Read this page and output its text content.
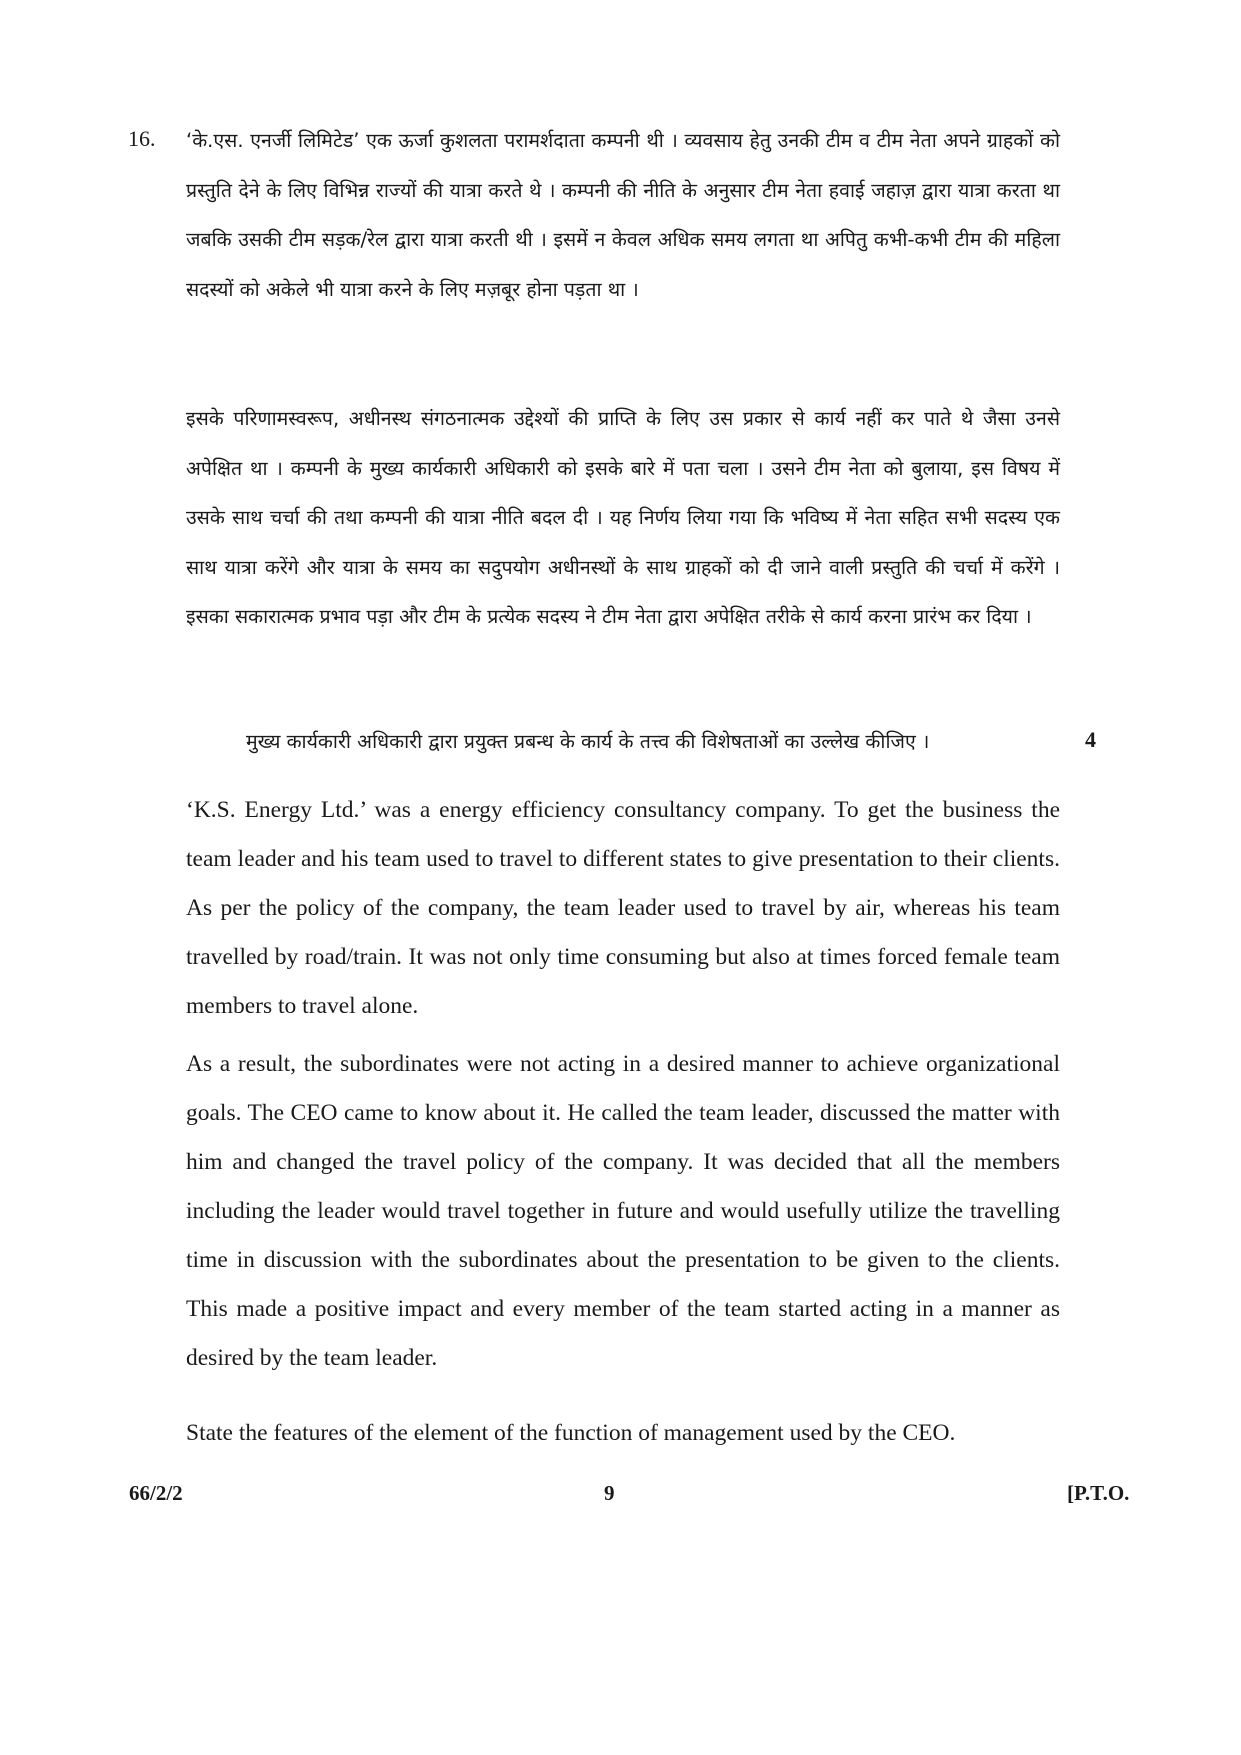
16. ‘के.एस. एनर्जी लिमिटेड’ एक ऊर्जा कुशलता परामर्शदाता कम्पनी थी । व्यवसाय हेतु उनकी टीम व टीम नेता अपने ग्राहकों को प्रस्तुति देने के लिए विभिन्न राज्यों की यात्रा करते थे । कम्पनी की नीति के अनुसार टीम नेता हवाई जहाज़ द्वारा यात्रा करता था जबकि उसकी टीम सड़क/रेल द्वारा यात्रा करती थी । इसमें न केवल अधिक समय लगता था अपितु कभी-कभी टीम की महिला सदस्यों को अकेले भी यात्रा करने के लिए मज़बूर होना पड़ता था ।

इसके परिणामस्वरूप, अधीनस्थ संगठनात्मक उद्देश्यों की प्राप्ति के लिए उस प्रकार से कार्य नहीं कर पाते थे जैसा उनसे अपेक्षित था । कम्पनी के मुख्य कार्यकारी अधिकारी को इसके बारे में पता चला । उसने टीम नेता को बुलाया, इस विषय में उसके साथ चर्चा की तथा कम्पनी की यात्रा नीति बदल दी । यह निर्णय लिया गया कि भविष्य में नेता सहित सभी सदस्य एक साथ यात्रा करेंगे और यात्रा के समय का सदुपयोग अधीनस्थों के साथ ग्राहकों को दी जाने वाली प्रस्तुति की चर्चा में करेंगे । इसका सकारात्मक प्रभाव पड़ा और टीम के प्रत्येक सदस्य ने टीम नेता द्वारा अपेक्षित तरीके से कार्य करना प्रारंभ कर दिया ।

मुख्य कार्यकारी अधिकारी द्वारा प्रयुक्त प्रबन्ध के कार्य के तत्त्व की विशेषताओं का उल्लेख कीजिए ।	4

‘K.S. Energy Ltd.’ was a energy efficiency consultancy company. To get the business the team leader and his team used to travel to different states to give presentation to their clients. As per the policy of the company, the team leader used to travel by air, whereas his team travelled by road/train. It was not only time consuming but also at times forced female team members to travel alone.

As a result, the subordinates were not acting in a desired manner to achieve organizational goals. The CEO came to know about it. He called the team leader, discussed the matter with him and changed the travel policy of the company. It was decided that all the members including the leader would travel together in future and would usefully utilize the travelling time in discussion with the subordinates about the presentation to be given to the clients. This made a positive impact and every member of the team started acting in a manner as desired by the team leader.

State the features of the element of the function of management used by the CEO.
66/2/2	9	[P.T.O.
